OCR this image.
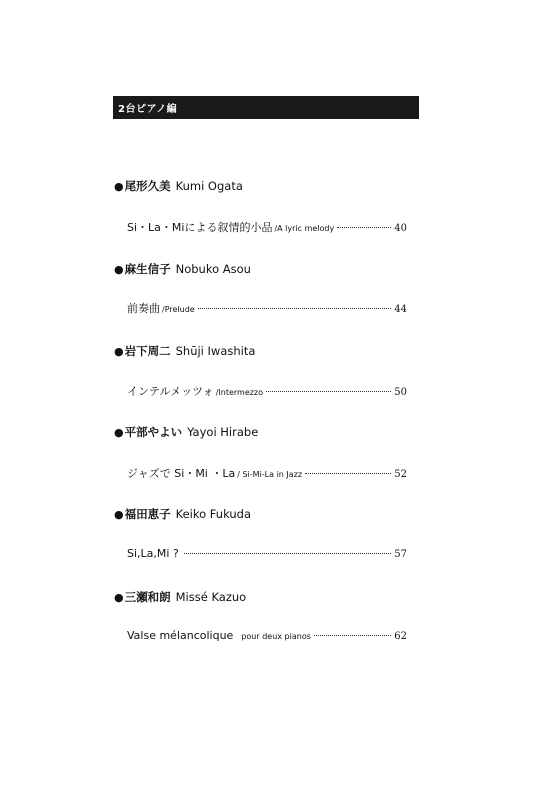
2台ピアノ編
● 尾形久美 Kumi Ogata
Si・La・Miによる叙情的小品 /A lyric melody	40
● 麻生信子 Nobuko Asou
前奏曲 /Prelude	44
● 岩下周二 Shūji Iwashita
インテルメッツォ /Intermezzo	50
● 平部やよい Yayoi Hirabe
ジャズで Si・Mi ・La / Si-Mi-La in Jazz	52
● 福田恵子 Keiko Fukuda
Si,La,Mi ?	57
● 三瀬和朗 Missé Kazuo
Valse mélancolique pour deux pianos	62
